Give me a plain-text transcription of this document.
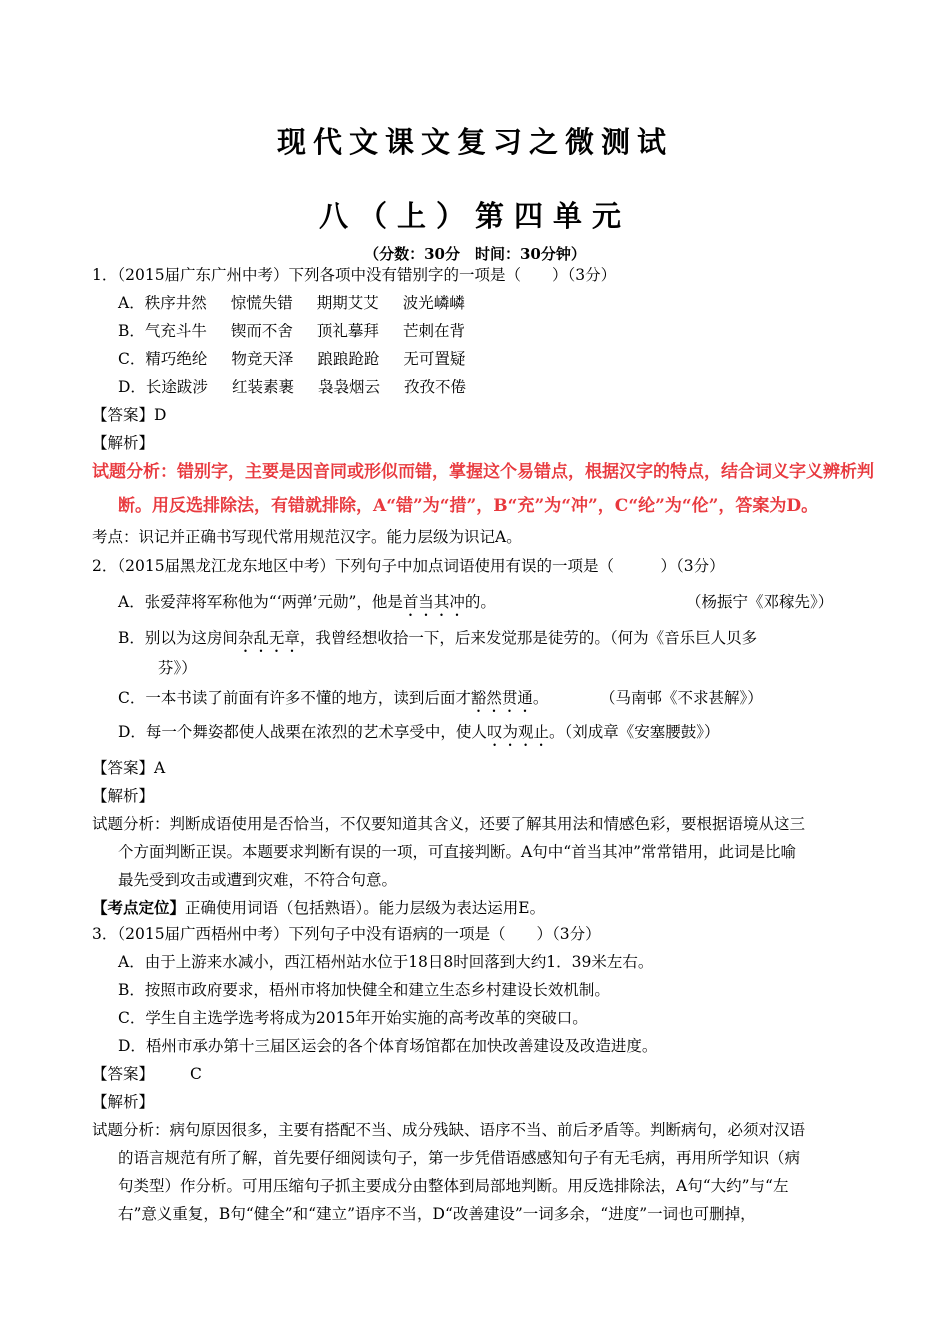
现代文课文复习之微测试
八（上）第四单元
（分数：30分　时间：30分钟）
1．（2015届广东广州中考）下列各项中没有错别字的一项是（　　）（3分）
A．秩序井然 惊慌失错 期期艾艾 波光嶙嶙
B．气充斗牛 锲而不舍 顶礼摹拜 芒刺在背
C．精巧绝纶 物竞天泽 踉踉跄跄 无可置疑
D．长途跋涉 红装素裹 袅袅烟云 孜孜不倦
【答案】D
【解析】
试题分析：错别字，主要是因音同或形似而错，掌握这个易错点，根据汉字的特点，结合词义字义辨析判
断。用反选排除法，有错就排除，A“错”为“措”，B“充”为“冲”，C“纶”为“伦”，答案为D。
考点：识记并正确书写现代常用规范汉字。能力层级为识记A。
2．（2015届黑龙江龙东地区中考）下列句子中加点词语使用有误的一项是（　　　）（3分）
A．张爱萍将军称他为“‘两弹’元勋”，他是首当其冲的。	（杨振宁《邓稼先》）
B．别以为这房间杂乱无章，我曾经想收拾一下，后来发觉那是徒劳的。（何为《音乐巨人贝多
芬》）
C．一本书读了前面有许多不懂的地方，读到后面才豁然贯通。	（马南邨《不求甚解》）
D．每一个舞姿都使人战栗在浓烈的艺术享受中，使人叹为观止。（刘成章《安塞腰鼓》）
【答案】A
【解析】
试题分析：判断成语使用是否恰当，不仅要知道其含义，还要了解其用法和情感色彩，要根据语境从这三
个方面判断正误。本题要求判断有误的一项，可直接判断。A句中“首当其冲”常常错用，此词是比喻
最先受到攻击或遭到灾难，不符合句意。
【考点定位】正确使用词语（包括熟语）。能力层级为表达运用E。
3．（2015届广西梧州中考）下列句子中没有语病的一项是（　　）（3分）
A．由于上游来水减小，西江梧州站水位于18日8时回落到大约1．39米左右。
B．按照市政府要求，梧州市将加快健全和建立生态乡村建设长效机制。
C．学生自主选学选考将成为2015年开始实施的高考改革的突破口。
D．梧州市承办第十三届区运会的各个体育场馆都在加快改善建设及改造进度。
【答案】 C
【解析】
试题分析：病句原因很多，主要有搭配不当、成分残缺、语序不当、前后矛盾等。判断病句，必须对汉语
的语言规范有所了解，首先要仔细阅读句子，第一步凭借语感感知句子有无毛病，再用所学知识（病
句类型）作分析。可用压缩句子抓主要成分由整体到局部地判断。用反选排除法，A句“大约”与“左
右”意义重复，B句“健全”和“建立”语序不当，D“改善建设”一词多余，“进度”一词也可删掉，
